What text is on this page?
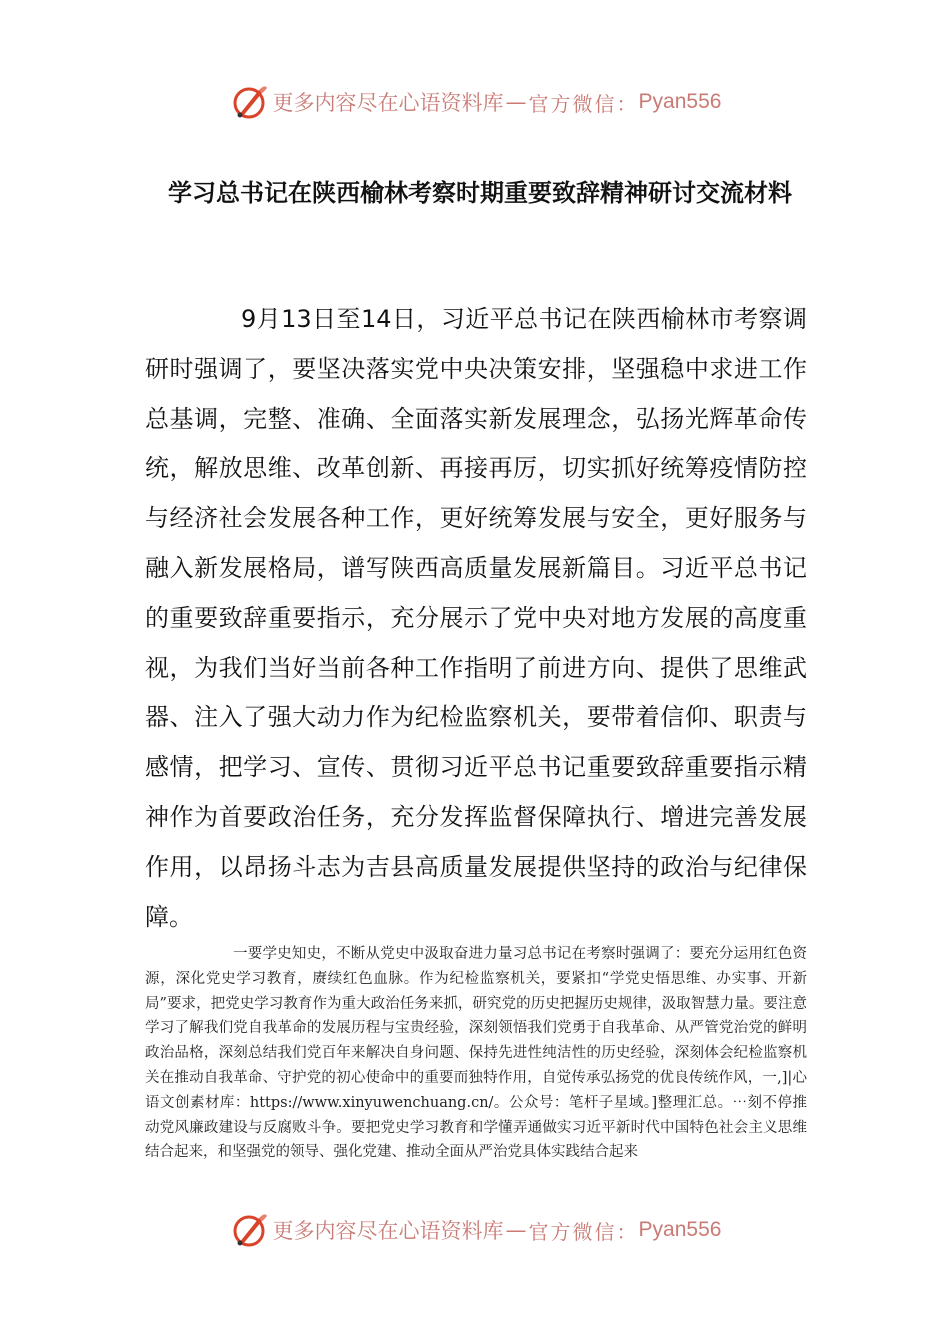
更多内容尽在心语资料库 — 官方微信： Pyan556
学习总书记在陕西榆林考察时期重要致辞精神研讨交流材料

9月13日至14日，习近平总书记在陕西榆林市考察调研时强调了，要坚决落实党中央决策安排，坚强稳中求进工作总基调，完整、准确、全面落实新发展理念，弘扬光辉革命传统，解放思维、改革创新、再接再厉，切实抓好统筹疫情防控与经济社会发展各种工作，更好统筹发展与安全，更好服务与融入新发展格局，谱写陕西高质量发展新篇目。习近平总书记的重要致辞重要指示，充分展示了党中央对地方发展的高度重视，为我们当好当前各种工作指明了前进方向、提供了思维武器、注入了强大动力作为纪检监察机关，要带着信仰、职责与感情，把学习、宣传、贯彻习近平总书记重要致辞重要指示精神作为首要政治任务，充分发挥监督保障执行、增进完善发展作用，以昂扬斗志为吉县高质量发展提供坚持的政治与纪律保障。

一要学史知史，不断从党史中汲取奋进力量习总书记在考察时强调了：要充分运用红色资源，深化党史学习教育，赓续红色血脉。作为纪检监察机关，要紧扣“学党史悟思维、办实事、开新局”要求，把党史学习教育作为重大政治任务来抓，研究党的历史把握历史规律，汲取智慧力量。要注意学习了解我们党自我革命的发展历程与宝贵经验，深刻领悟我们党勇于自我革命、从严管党治党的鲜明政治品格，深刻总结我们党百年来解决自身问题、保持先进性纯洁性的历史经验，深刻体会纪检监察机关在推动自我革命、守护党的初心使命中的重要而独特作用，自觉传承弘扬党的优良传统作风，一,]|心语文创素材库：https://www.xinyuwenchuang.cn/。公众号：笔杆子星域。]整理汇总。⋯刻不停推动党风廉政建设与反腐败斗争。要把党史学习教育和学懂弄通做实习近平新时代中国特色社会主义思维结合起来，和坚强党的领导、强化党建、推动全面从严治党具体实践结合起来

更多内容尽在心语资料库 — 官方微信： Pyan556
